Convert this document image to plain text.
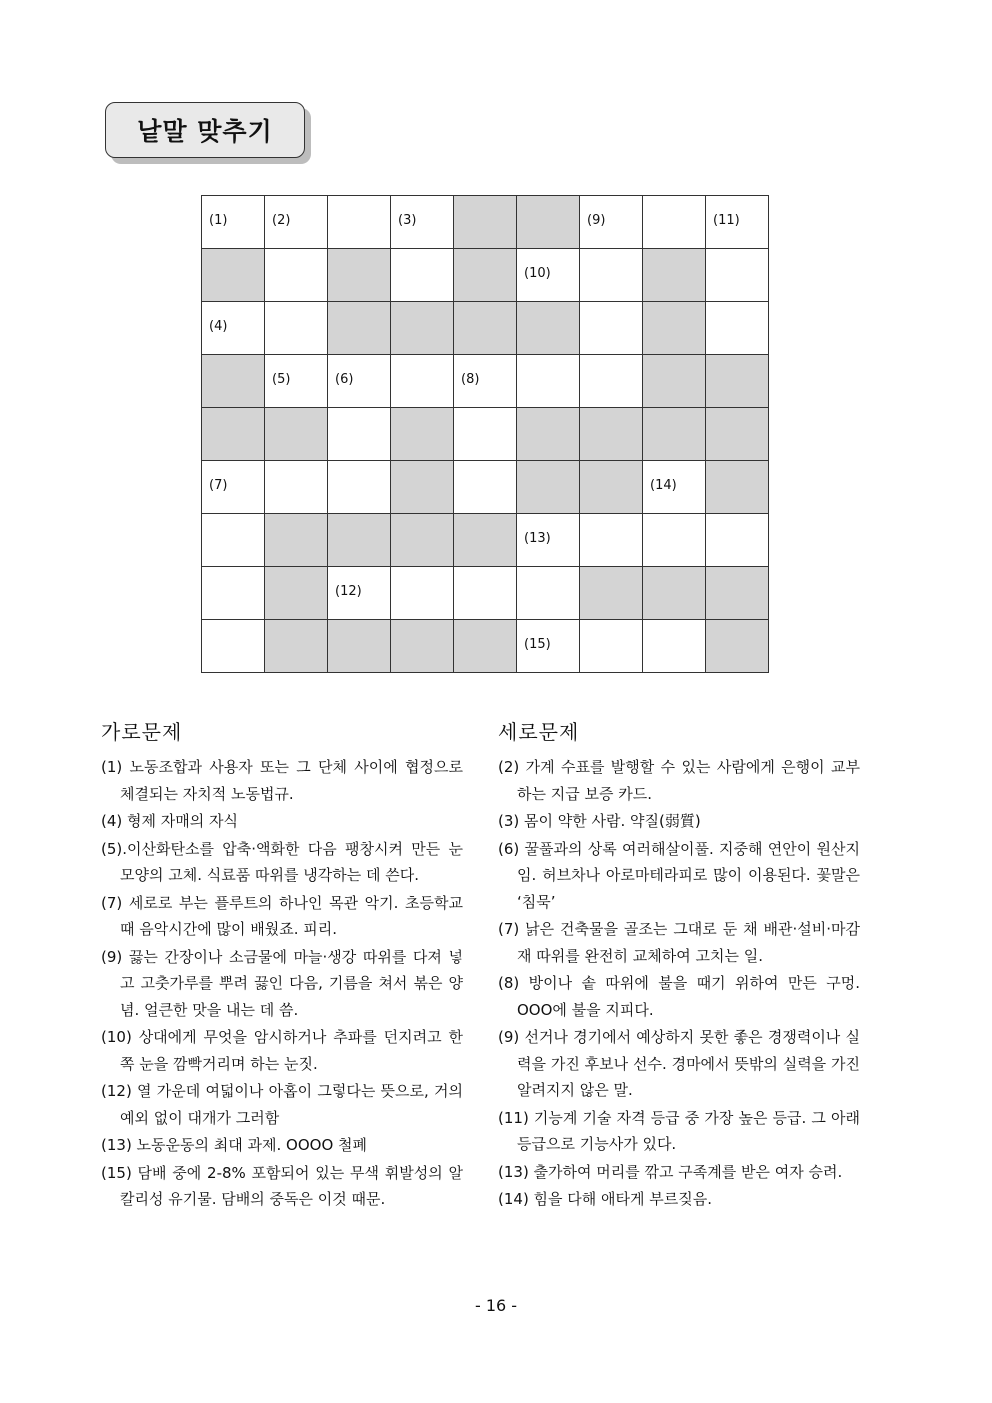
낱말 맞추기
(1)	(2)		(3)			(9)		(11)

					(10)			

(4)								

	(5)	(6)		(8)				

(7)							(14)	

					(13)			

		(12)						

					(15)			

가로문제

(1) 노동조합과 사용자 또는 그 단체 사이에 협정으로 체결되는 자치적 노동법규.

(4) 형제 자매의 자식

(5).이산화탄소를 압축·액화한 다음 팽창시켜 만든 눈 모양의 고체. 식료품 따위를 냉각하는 데 쓴다.

(7) 세로로 부는 플루트의 하나인 목관 악기. 초등학교때 음악시간에 많이 배웠죠. 피리.

(9) 끓는 간장이나 소금물에 마늘·생강 따위를 다져 넣고 고춧가루를 뿌려 끓인 다음, 기름을 쳐서 볶은 양념. 얼큰한 맛을 내는 데 씀.

(10) 상대에게 무엇을 암시하거나 추파를 던지려고 한쪽 눈을 깜빡거리며 하는 눈짓.

(12) 열 가운데 여덟이나 아홉이 그렇다는 뜻으로, 거의 예외 없이 대개가 그러함

(13) 노동운동의 최대 과제. OOOO 철폐

(15) 담배 중에 2-8% 포함되어 있는 무색 휘발성의 알칼리성 유기물. 담배의 중독은 이것 때문.

세로문제

(2) 가계 수표를 발행할 수 있는 사람에게 은행이 교부하는 지급 보증 카드.

(3) 몸이 약한 사람. 약질(弱質)

(6) 꿀풀과의 상록 여러해살이풀. 지중해 연안이 원산지임. 허브차나 아로마테라피로 많이 이용된다. 꽃말은 ‘침묵’

(7) 낡은 건축물을 골조는 그대로 둔 채 배관·설비·마감재 따위를 완전히 교체하여 고치는 일.

(8) 방이나 솥 따위에 불을 때기 위하여 만든 구멍. OOO에 불을 지피다.

(9) 선거나 경기에서 예상하지 못한 좋은 경쟁력이나 실력을 가진 후보나 선수. 경마에서 뜻밖의 실력을 가진 알려지지 않은 말.

(11) 기능계 기술 자격 등급 중 가장 높은 등급. 그 아래 등급으로 기능사가 있다.

(13) 출가하여 머리를 깎고 구족계를 받은 여자 승려.

(14) 힘을 다해 애타게 부르짖음.

- 16 -
